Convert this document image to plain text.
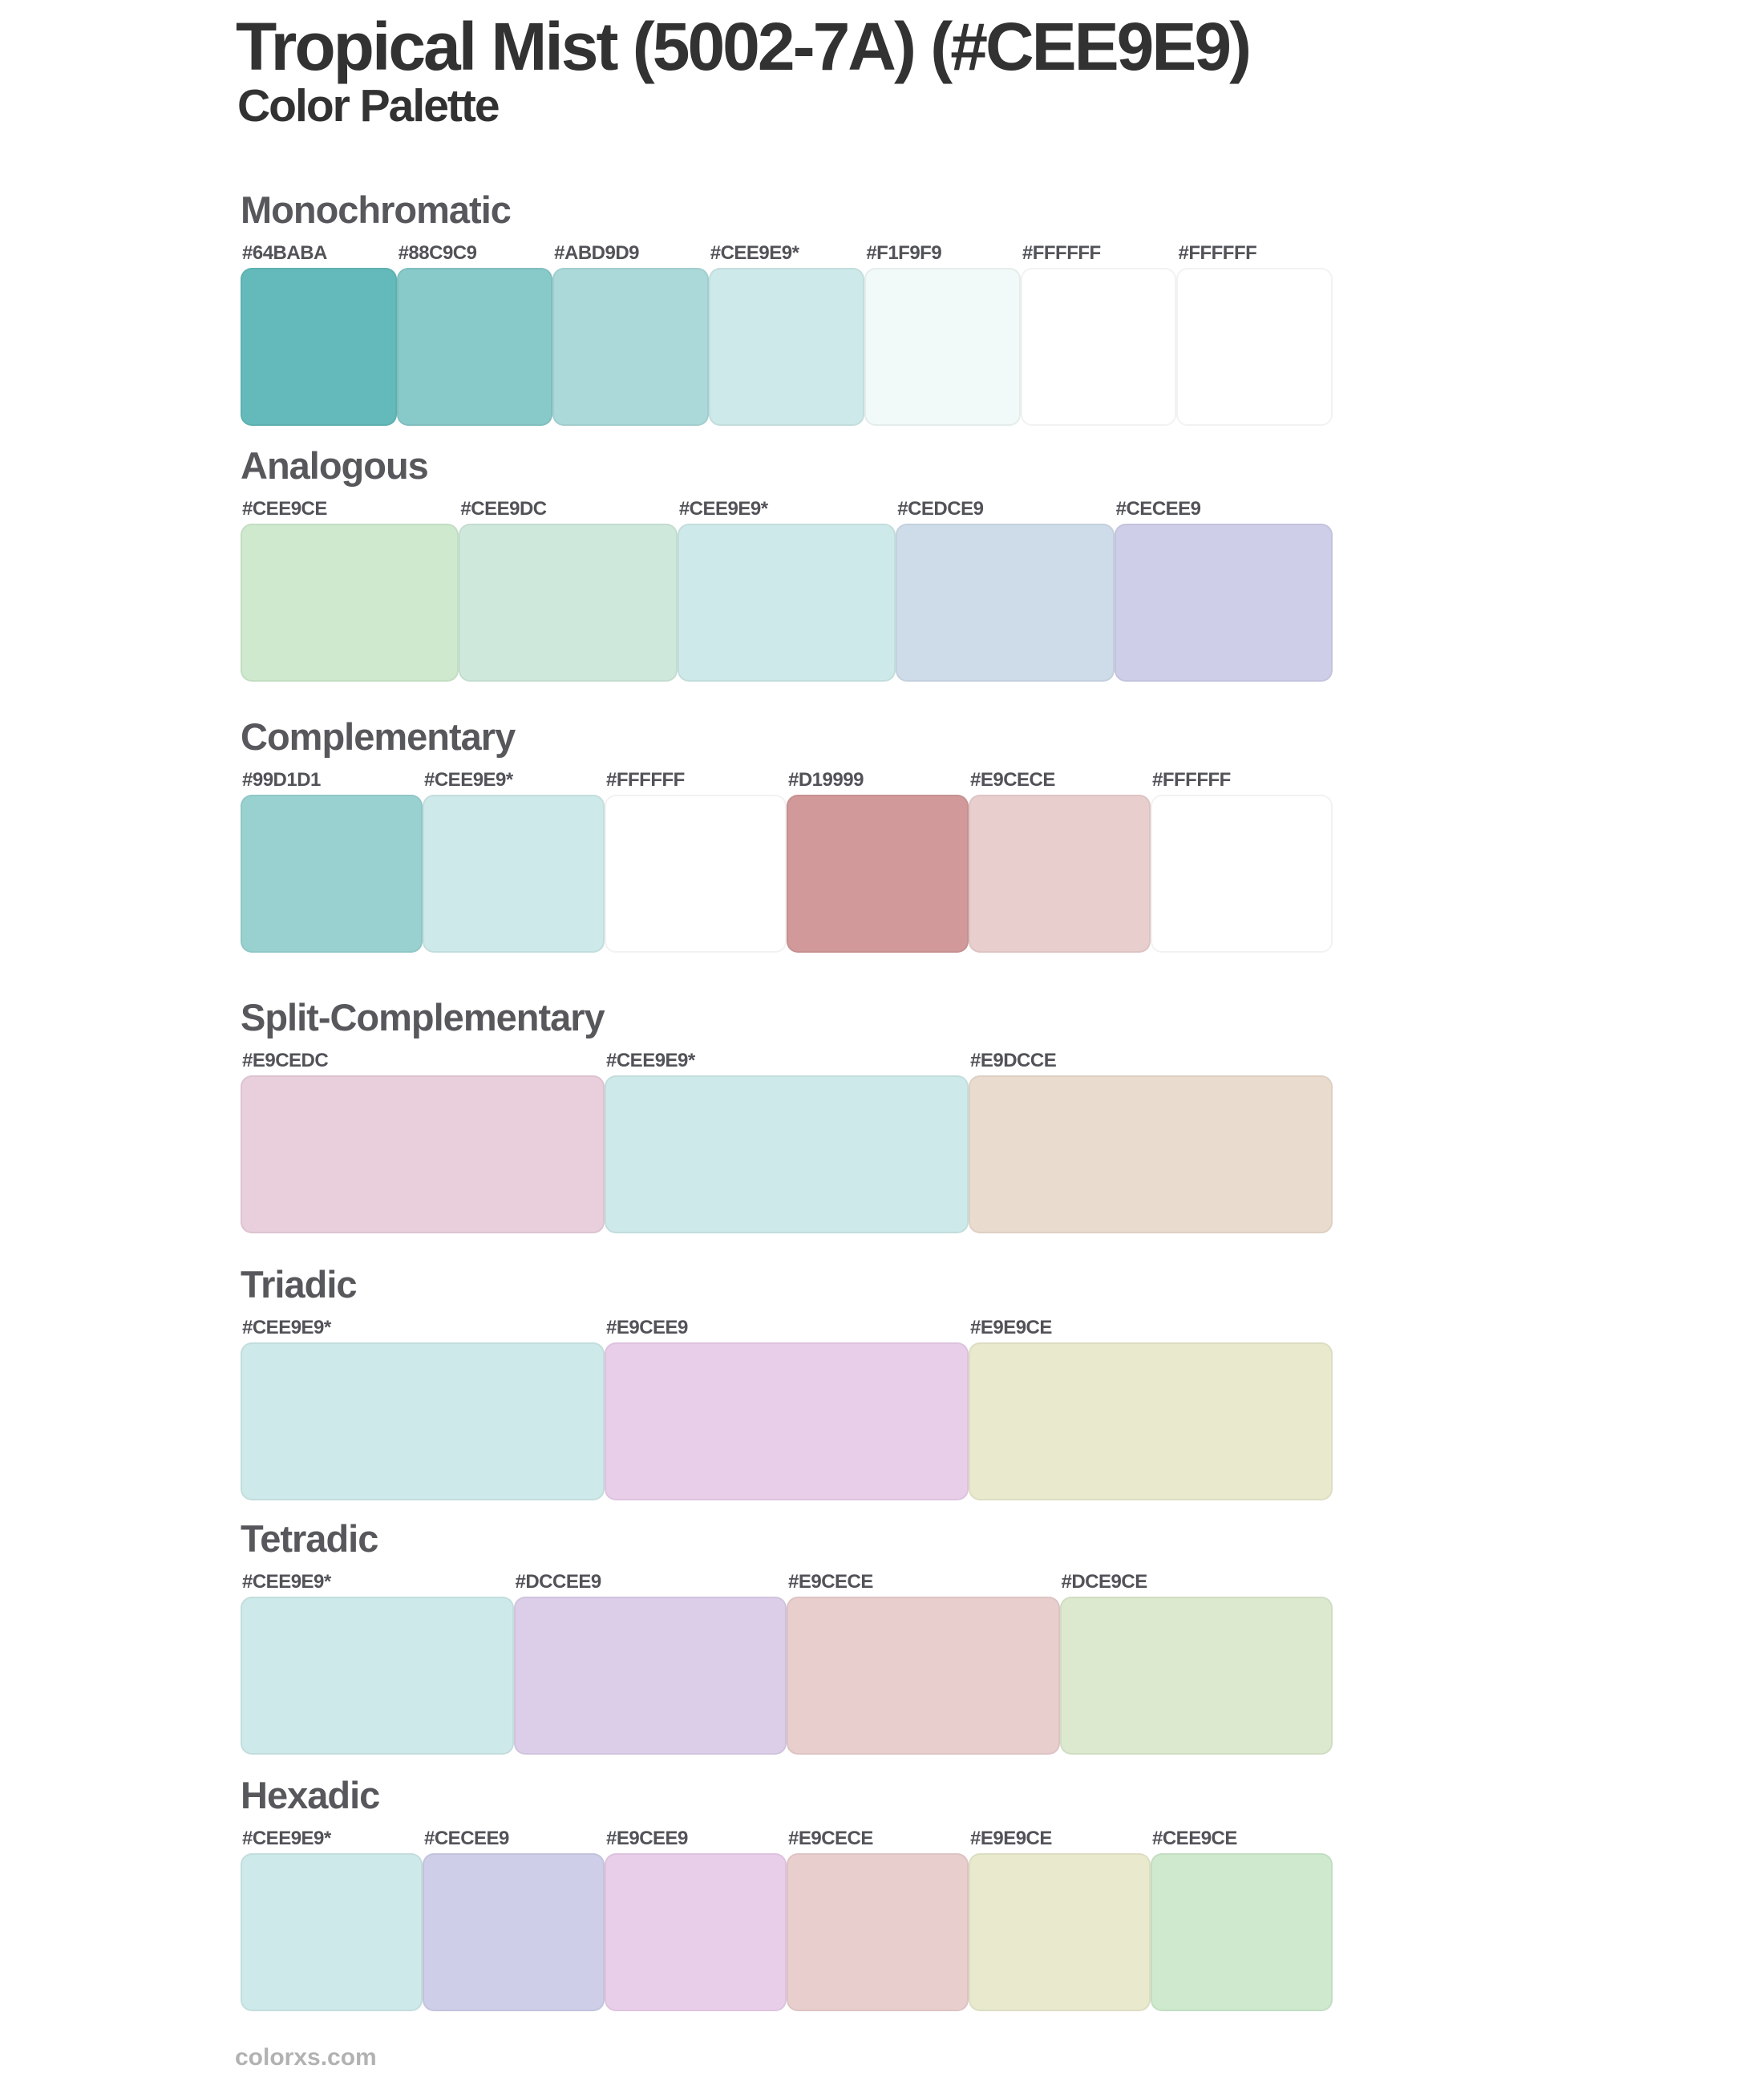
Tropical Mist (5002-7A) (#CEE9E9)
Color Palette
Monochromatic
#64BABA	#88C9C9	#ABD9D9	#CEE9E9*	#F1F9F9	#FFFFFF	#FFFFFF
Analogous
#CEE9CE	#CEE9DC	#CEE9E9*	#CEDCE9	#CECEE9
Complementary
#99D1D1	#CEE9E9*	#FFFFFF	#D19999	#E9CECE	#FFFFFF
Split-Complementary
#E9CEDC	#CEE9E9*	#E9DCCE
Triadic
#CEE9E9*	#E9CEE9	#E9E9CE
Tetradic
#CEE9E9*	#DCCEE9	#E9CECE	#DCE9CE
Hexadic
#CEE9E9*	#CECEE9	#E9CEE9	#E9CECE	#E9E9CE	#CEE9CE
colorxs.com
